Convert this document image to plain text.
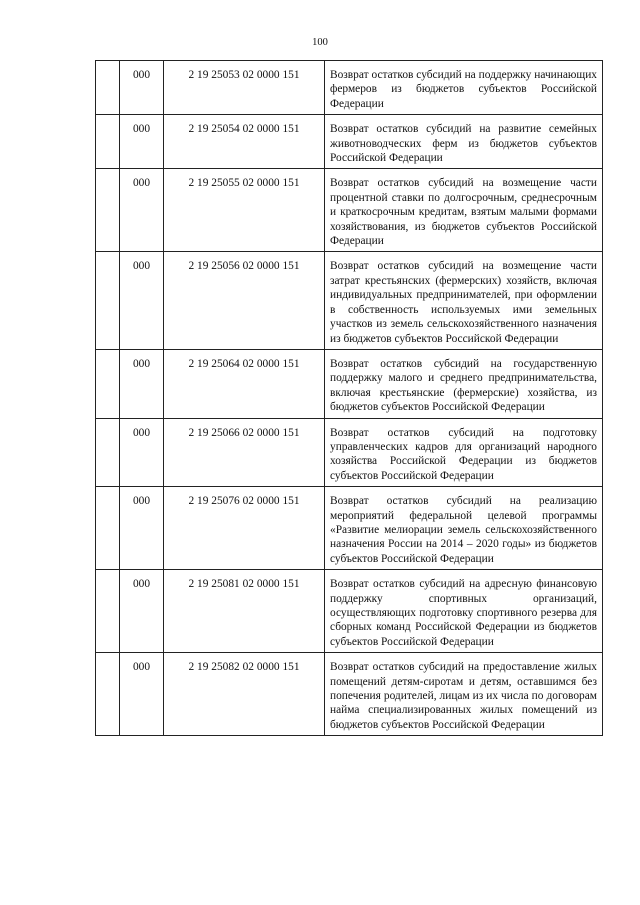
100
	000	2 19 25053 02 0000 151	Возврат остатков субсидий на поддержку начинающих фермеров из бюджетов субъектов Российской Федерации
	000	2 19 25054 02 0000 151	Возврат остатков субсидий на развитие семейных животноводческих ферм из бюджетов субъектов Российской Федерации
	000	2 19 25055 02 0000 151	Возврат остатков субсидий на возмещение части процентной ставки по долгосрочным, среднесрочным и краткосрочным кредитам, взятым малыми формами хозяйствования, из бюджетов субъектов Российской Федерации
	000	2 19 25056 02 0000 151	Возврат остатков субсидий на возмещение части затрат крестьянских (фермерских) хозяйств, включая индивидуальных предпринимателей, при оформлении в собственность используемых ими земельных участков из земель сельскохозяйственного назначения из бюджетов субъектов Российской Федерации
	000	2 19 25064 02 0000 151	Возврат остатков субсидий на государственную поддержку малого и среднего предпринимательства, включая крестьянские (фермерские) хозяйства, из бюджетов субъектов Российской Федерации
	000	2 19 25066 02 0000 151	Возврат остатков субсидий на подготовку управленческих кадров для организаций народного хозяйства Российской Федерации из бюджетов субъектов Российской Федерации
	000	2 19 25076 02 0000 151	Возврат остатков субсидий на реализацию мероприятий федеральной целевой программы «Развитие мелиорации земель сельскохозяйственного назначения России на 2014 – 2020 годы» из бюджетов субъектов Российской Федерации
	000	2 19 25081 02 0000 151	Возврат остатков субсидий на адресную финансовую поддержку спортивных организаций, осуществляющих подготовку спортивного резерва для сборных команд Российской Федерации из бюджетов субъектов Российской Федерации
	000	2 19 25082 02 0000 151	Возврат остатков субсидий на предоставление жилых помещений детям-сиротам и детям, оставшимся без попечения родителей, лицам из их числа по договорам найма специализированных жилых помещений из бюджетов субъектов Российской Федерации
